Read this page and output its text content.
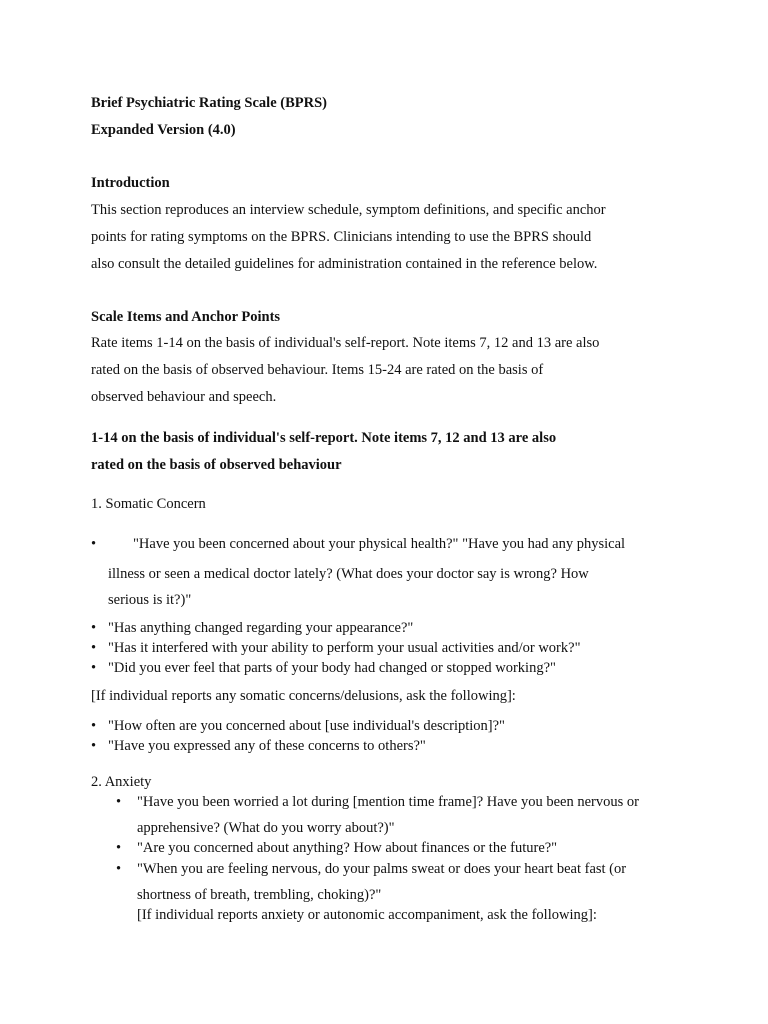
Brief Psychiatric Rating Scale (BPRS)
Expanded Version (4.0)
Introduction
This section reproduces an interview schedule, symptom definitions, and specific anchor
points for rating symptoms on the BPRS. Clinicians intending to use the BPRS should
also consult the detailed guidelines for administration contained in the reference below.
Scale Items and Anchor Points
Rate items 1-14 on the basis of individual's self-report. Note items 7, 12 and 13 are also
rated on the basis of observed behaviour. Items 15-24 are rated on the basis of
observed behaviour and speech.
1-14 on the basis of individual's self-report. Note items 7, 12 and 13 are also
rated on the basis of observed behaviour
1. Somatic Concern
•	"Have you been concerned about your physical health?" "Have you had any physical
illness or seen a medical doctor lately? (What does your doctor say is wrong? How
serious is it?)"
• "Has anything changed regarding your appearance?"
• "Has it interfered with your ability to perform your usual activities and/or work?"
• "Did you ever feel that parts of your body had changed or stopped working?"
[If individual reports any somatic concerns/delusions, ask the following]:
• "How often are you concerned about [use individual's description]?"
• "Have you expressed any of these concerns to others?"
2. Anxiety
• "Have you been worried a lot during [mention time frame]? Have you been nervous or
apprehensive? (What do you worry about?)"
• "Are you concerned about anything? How about finances or the future?"
• "When you are feeling nervous, do your palms sweat or does your heart beat fast (or
shortness of breath, trembling, choking)?"
[If individual reports anxiety or autonomic accompaniment, ask the following]:
